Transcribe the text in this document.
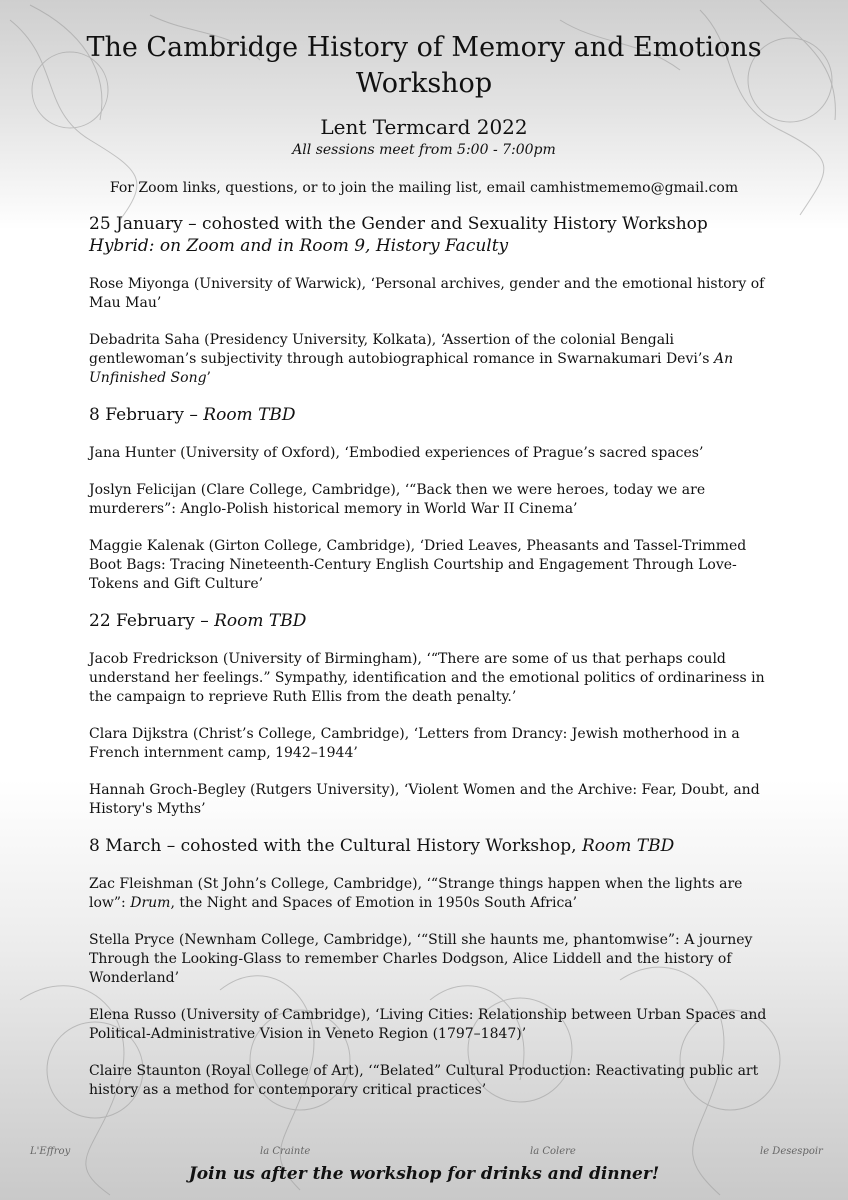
The Cambridge History of Memory and Emotions
Workshop
Lent Termcard 2022
All sessions meet from 5:00 - 7:00pm
For Zoom links, questions, or to join the mailing list, email camhistmememo@gmail.com

25 January – cohosted with the Gender and Sexuality History Workshop

Hybrid: on Zoom and in Room 9, History Faculty

Rose Miyonga (University of Warwick), ‘Personal archives, gender and the emotional history of Mau Mau’

Debadrita Saha (Presidency University, Kolkata), ‘Assertion of the colonial Bengali gentlewoman’s subjectivity through autobiographical romance in Swarnakumari Devi’s An Unfinished Song’

8 February – Room TBD

Jana Hunter (University of Oxford), ‘Embodied experiences of Prague’s sacred spaces’

Joslyn Felicijan (Clare College, Cambridge), ‘“Back then we were heroes, today we are murderers”: Anglo-Polish historical memory in World War II Cinema’

Maggie Kalenak (Girton College, Cambridge), ‘Dried Leaves, Pheasants and Tassel-Trimmed Boot Bags: Tracing Nineteenth-Century English Courtship and Engagement Through Love-Tokens and Gift Culture’

22 February – Room TBD

Jacob Fredrickson (University of Birmingham), ‘“There are some of us that perhaps could understand her feelings.” Sympathy, identification and the emotional politics of ordinariness in the campaign to reprieve Ruth Ellis from the death penalty.’

Clara Dijkstra (Christ’s College, Cambridge), ‘Letters from Drancy: Jewish motherhood in a French internment camp, 1942–1944’

Hannah Groch-Begley (Rutgers University), ‘Violent Women and the Archive: Fear, Doubt, and History's Myths’

8 March – cohosted with the Cultural History Workshop, Room TBD

Zac Fleishman (St John’s College, Cambridge), ‘“Strange things happen when the lights are low”: Drum, the Night and Spaces of Emotion in 1950s South Africa’

Stella Pryce (Newnham College, Cambridge), ‘“Still she haunts me, phantomwise”: A journey Through the Looking-Glass to remember Charles Dodgson, Alice Liddell and the history of Wonderland’

Elena Russo (University of Cambridge), ‘Living Cities: Relationship between Urban Spaces and Political-Administrative Vision in Veneto Region (1797–1847)’

Claire Staunton (Royal College of Art), ‘“Belated” Cultural Production: Reactivating public art history as a method for contemporary critical practices’

L'Effroy	la Crainte	la Colere	le Desespoir
Join us after the workshop for drinks and dinner!
